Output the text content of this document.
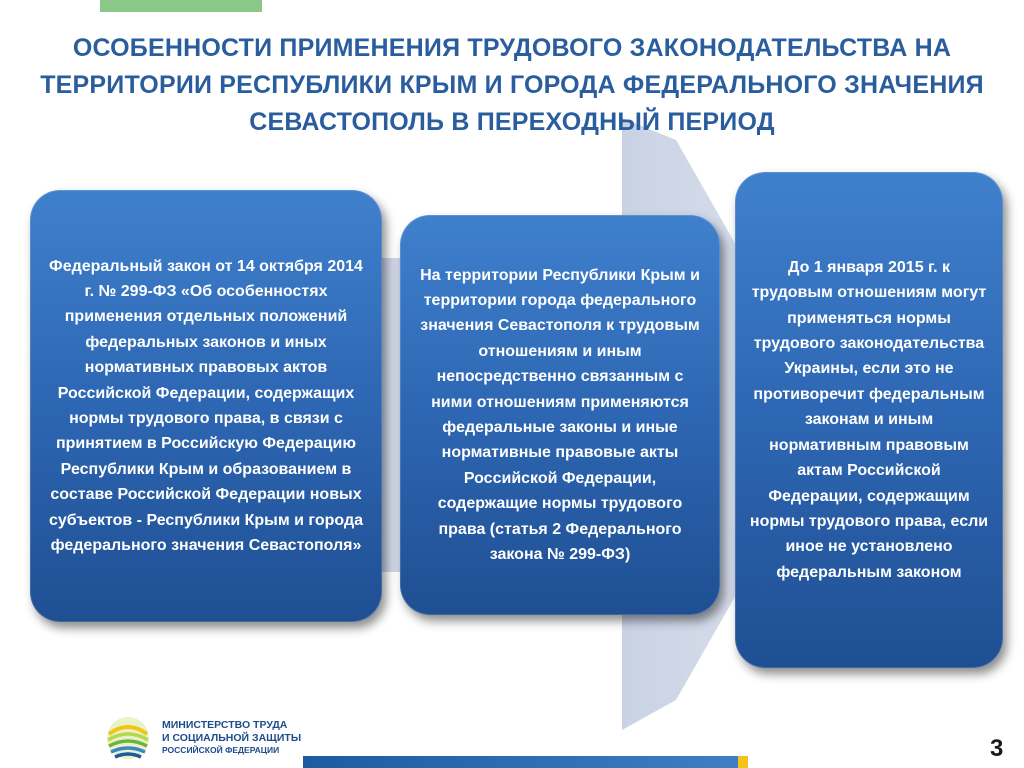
ОСОБЕННОСТИ ПРИМЕНЕНИЯ ТРУДОВОГО ЗАКОНОДАТЕЛЬСТВА НА ТЕРРИТОРИИ РЕСПУБЛИКИ КРЫМ И ГОРОДА ФЕДЕРАЛЬНОГО ЗНАЧЕНИЯ СЕВАСТОПОЛЬ В ПЕРЕХОДНЫЙ ПЕРИОД
Федеральный закон от 14 октября 2014 г. № 299-ФЗ «Об особенностях применения отдельных положений федеральных законов и иных нормативных правовых актов Российской Федерации, содержащих нормы трудового права, в связи с принятием в Российскую Федерацию Республики Крым и образованием в составе Российской Федерации новых субъектов - Республики Крым и города федерального значения Севастополя»
На территории Республики Крым и территории города федерального значения Севастополя к трудовым отношениям и иным непосредственно связанным с ними отношениям применяются федеральные законы и иные нормативные правовые акты Российской Федерации, содержащие нормы трудового права (статья 2 Федерального закона № 299-ФЗ)
До 1 января 2015 г. к трудовым отношениям могут применяться нормы трудового законодательства Украины, если это не противоречит федеральным законам и иным нормативным правовым актам Российской Федерации, содержащим нормы трудового права, если иное не установлено федеральным законом
МИНИСТЕРСТВО ТРУДА
И СОЦИАЛЬНОЙ ЗАЩИТЫ
РОССИЙСКОЙ ФЕДЕРАЦИИ	3
